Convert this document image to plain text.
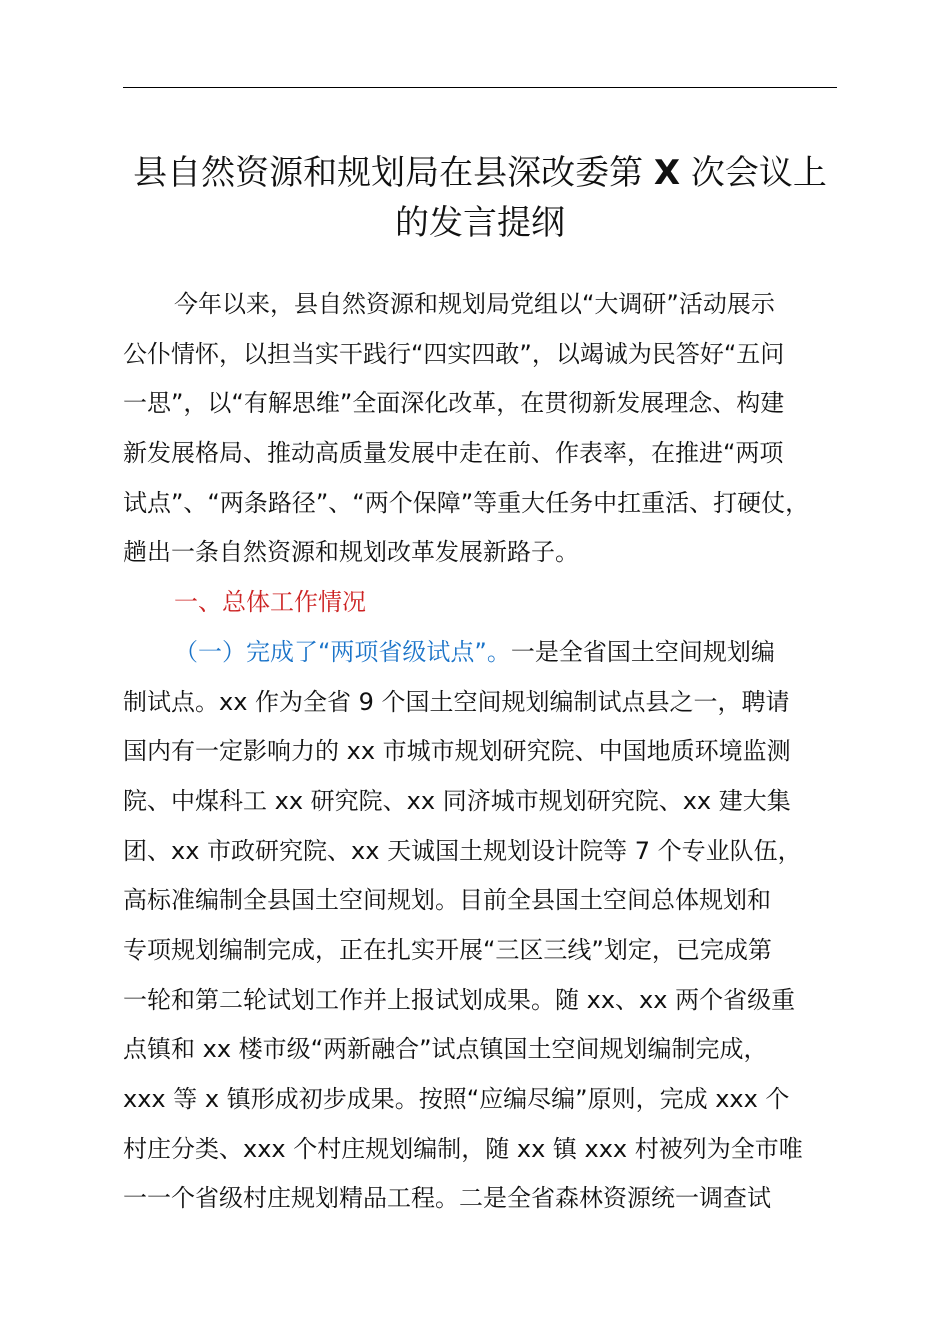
县自然资源和规划局在县深改委第 X 次会议上
的发言提纲
今年以来，县自然资源和规划局党组以“大调研”活动展示
公仆情怀，以担当实干践行“四实四敢”，以竭诚为民答好“五问
一思”，以“有解思维”全面深化改革，在贯彻新发展理念、构建
新发展格局、推动高质量发展中走在前、作表率，在推进“两项
试点”、“两条路径”、“两个保障”等重大任务中扛重活、打硬仗，
趟出一条自然资源和规划改革发展新路子。
一、总体工作情况
（一）完成了“两项省级试点”。一是全省国土空间规划编
制试点。xx 作为全省 9 个国土空间规划编制试点县之一，聘请
国内有一定影响力的 xx 市城市规划研究院、中国地质环境监测
院、中煤科工 xx 研究院、xx 同济城市规划研究院、xx 建大集
团、xx 市政研究院、xx 天诚国土规划设计院等 7 个专业队伍，
高标准编制全县国土空间规划。目前全县国土空间总体规划和
专项规划编制完成，正在扎实开展“三区三线”划定，已完成第
一轮和第二轮试划工作并上报试划成果。随 xx、xx 两个省级重
点镇和 xx 楼市级“两新融合”试点镇国土空间规划编制完成，
xxx 等 x 镇形成初步成果。按照“应编尽编”原则，完成 xxx 个
村庄分类、xxx 个村庄规划编制，随 xx 镇 xxx 村被列为全市唯
一一个省级村庄规划精品工程。二是全省森林资源统一调查试
